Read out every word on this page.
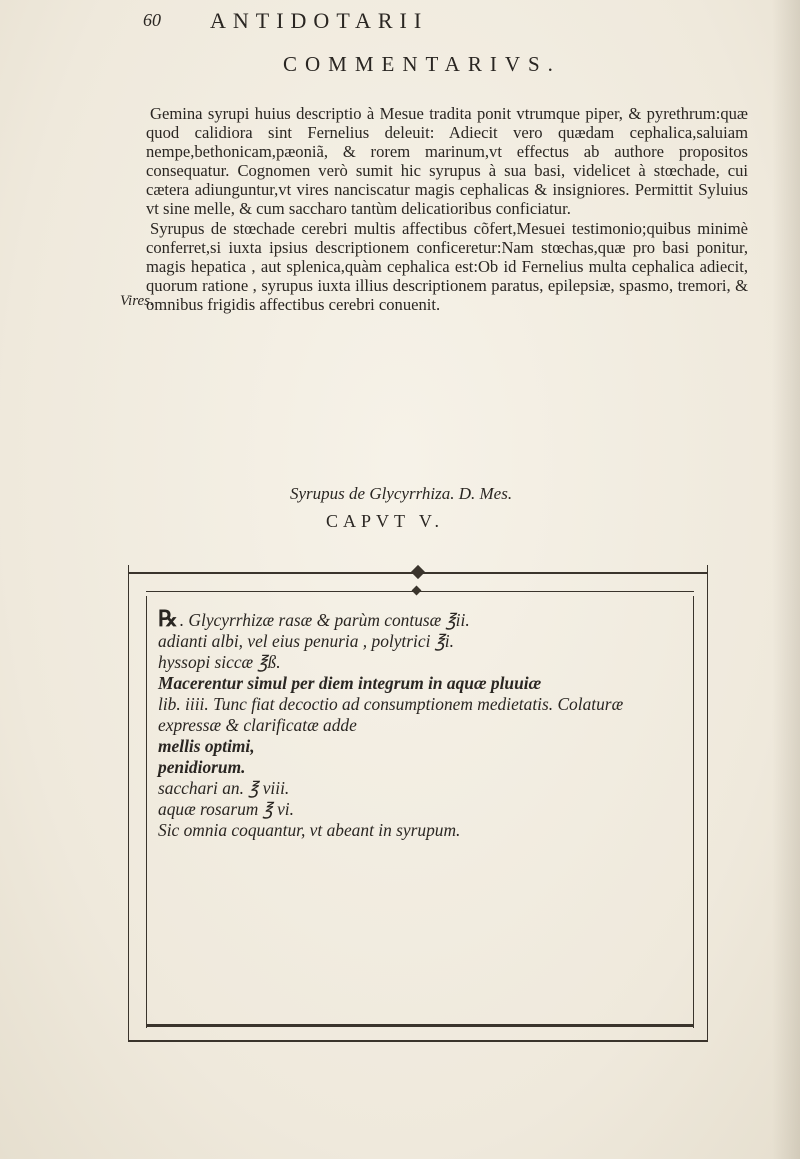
60 ANTIDOTARII
COMMENTARIVS.

Gemina syrupi huius descriptio à Mesue tradita ponit vtrumque piper, & pyrethrum:quæ quod calidiora sint Fernelius deleuit: Adiecit vero quædam cephalica,saluiam nempe,bethonicam,pæoniã, & rorem marinum,vt effectus ab authore propositos consequatur. Cognomen verò sumit hic syrupus à sua basi, videlicet à stœchade, cui cætera adiunguntur,vt vires nanciscatur magis cephalicas & insigniores. Permittit Syluius vt sine melle, & cum saccharo tantùm delicatioribus conficiatur.

Syrupus de stœchade cerebri multis affectibus cõfert,Mesuei testimonio;quibus minimè conferret,si iuxta ipsius descriptionem conficeretur:Nam stœchas,quæ pro basi ponitur, magis hepatica , aut splenica,quàm cephalica est:Ob id Fernelius multa cephalica adiecit, quorum ratione , syrupus iuxta illius descriptionem paratus, epilepsiæ, spasmo, tremori, & omnibus frigidis affectibus cerebri conuenit.

Vires.
Syrupus de Glycyrrhiza. D. Mes.
CAPVT V.
℞ . Glycyrrhizæ rasæ & parùm contusæ ℥ii.
adianti albi, vel eius penuria , polytrici ℥i.
hyssopi siccæ ℥ß.
Macerentur simul per diem integrum in aquæ pluuiæ
lib. iiii. Tunc fiat decoctio ad consumptionem medietatis. Colaturæ expressæ & clarificatæ adde
mellis optimi,
penidiorum.
sacchari an. ℥ viii.
aquæ rosarum ℥ vi.
Sic omnia coquantur, vt abeant in syrupum.
